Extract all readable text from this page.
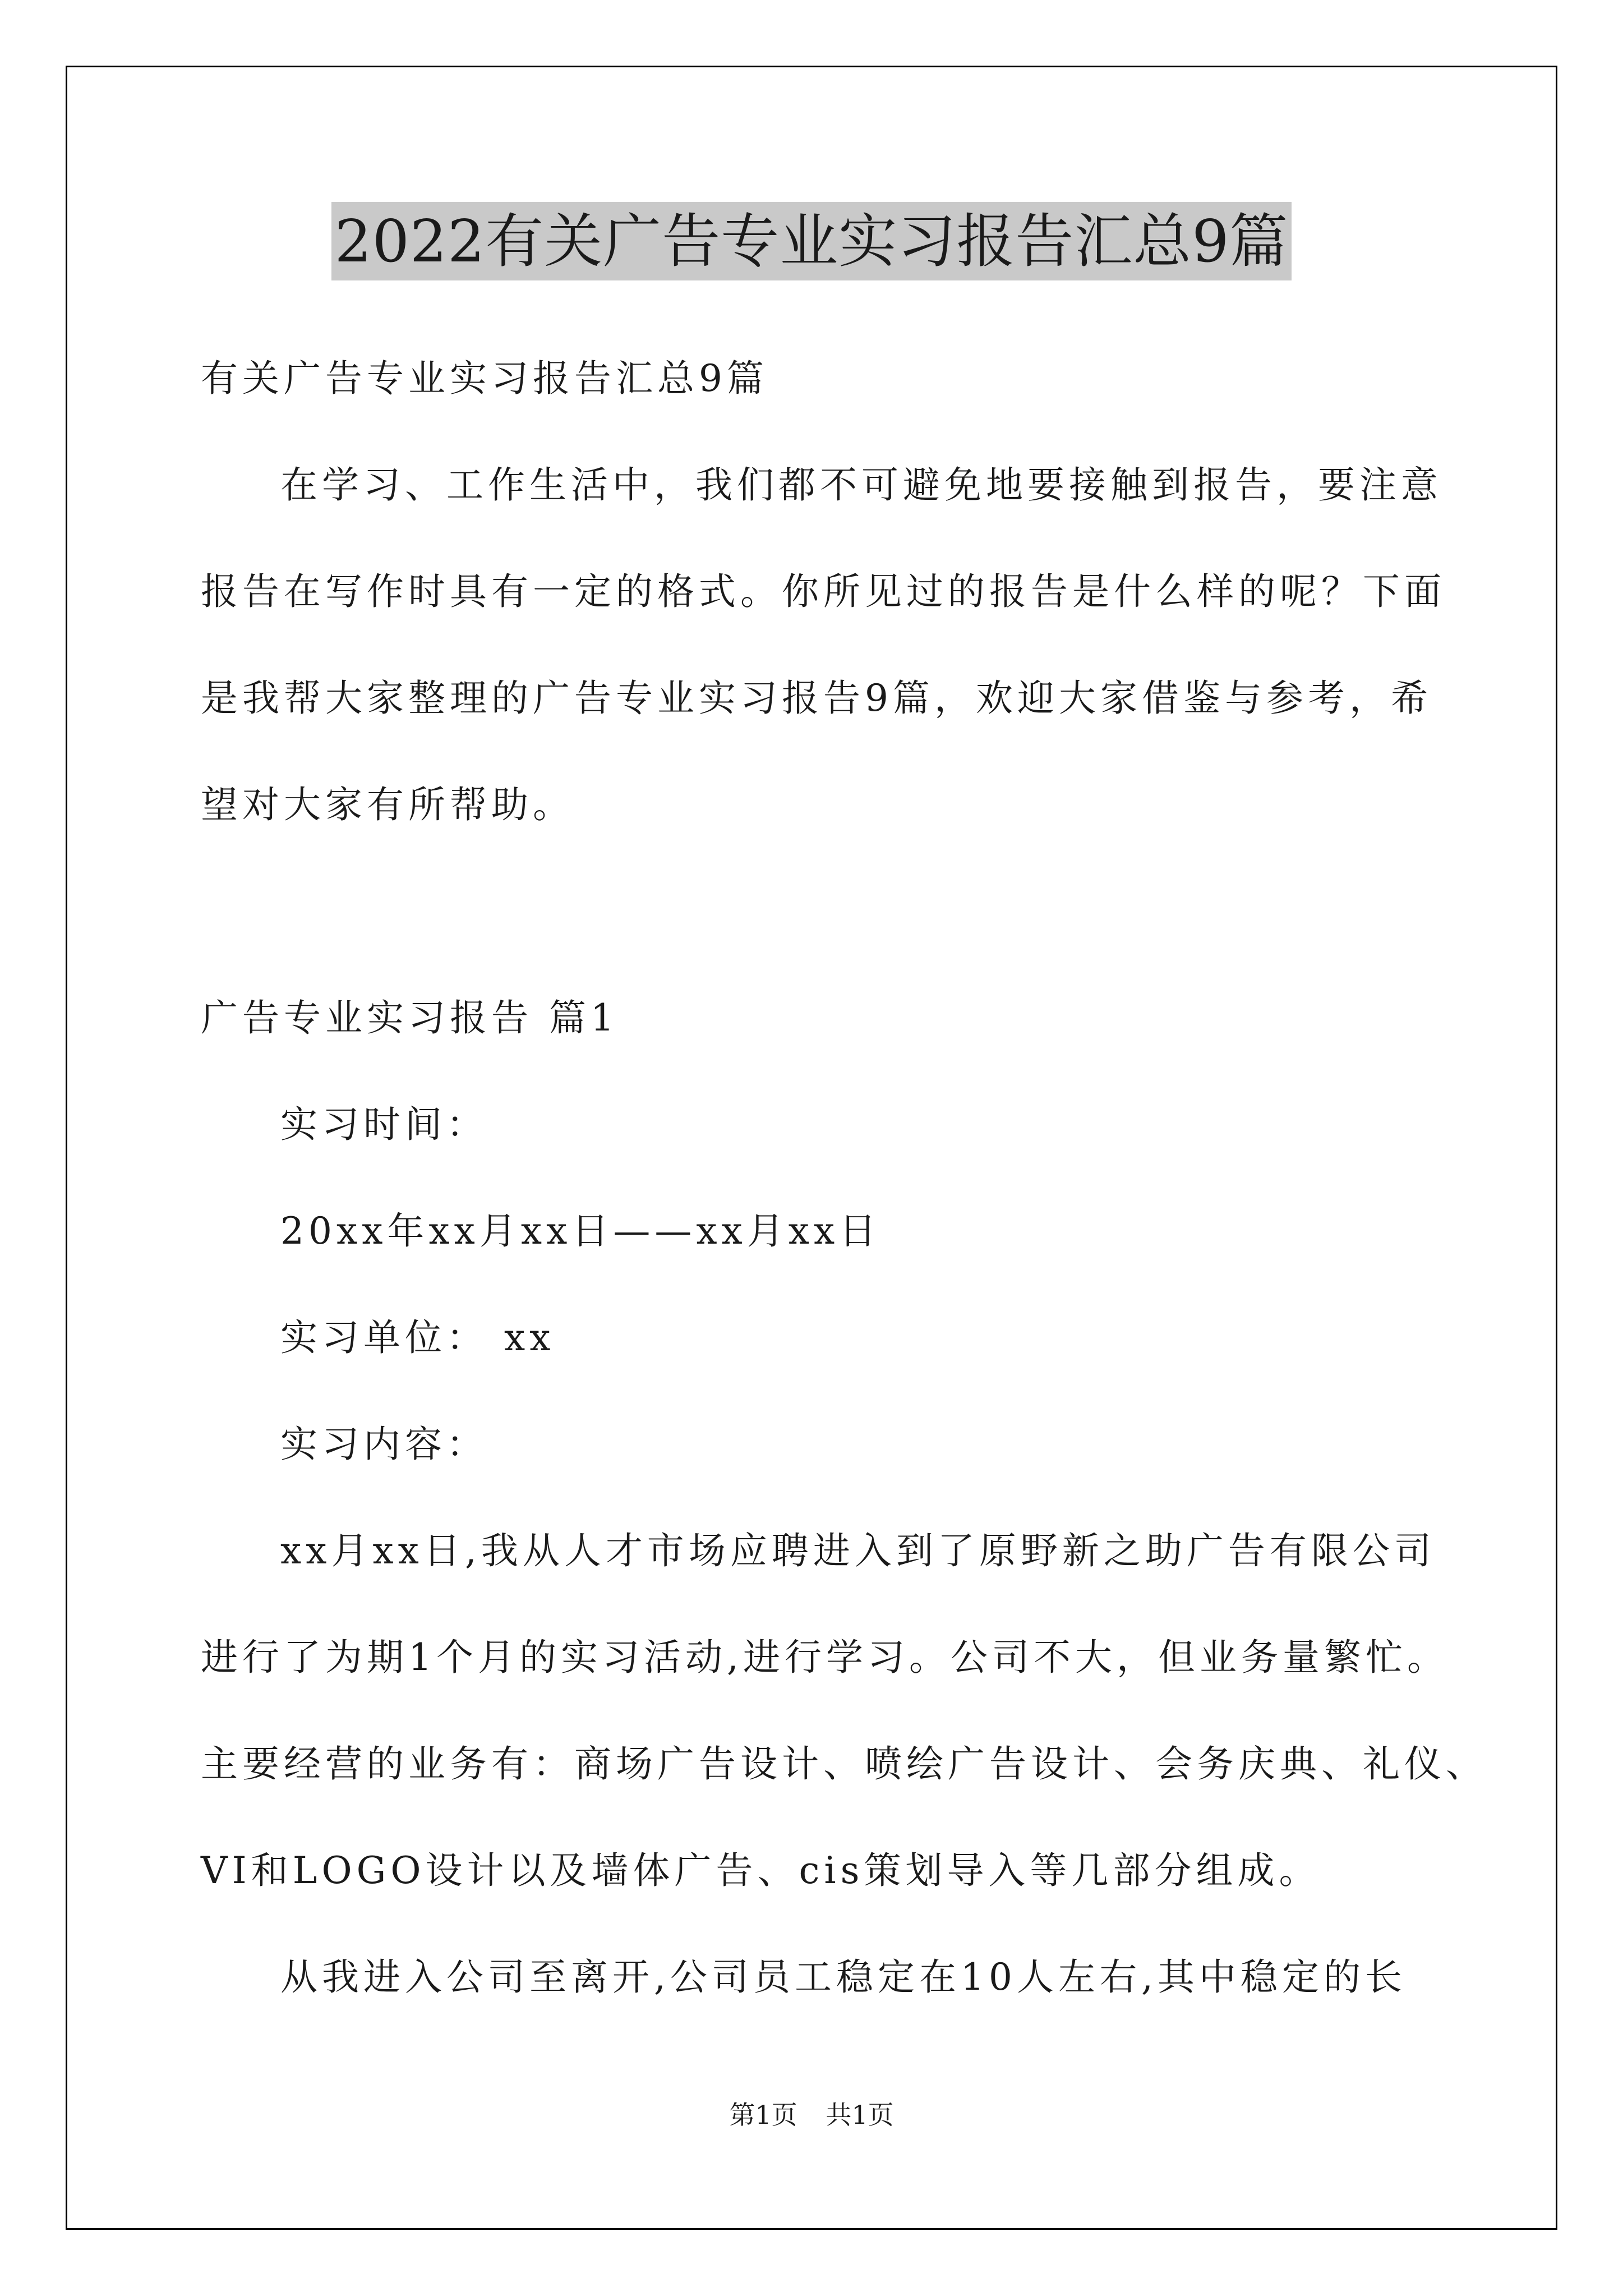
2022有关广告专业实习报告汇总9篇
有关广告专业实习报告汇总9篇
在学习、工作生活中，我们都不可避免地要接触到报告，要注意
报告在写作时具有一定的格式。你所见过的报告是什么样的呢？下面
是我帮大家整理的广告专业实习报告9篇，欢迎大家借鉴与参考，希
望对大家有所帮助。
广告专业实习报告 篇1
实习时间：
20xx年xx月xx日——xx月xx日
实习单位： xx
实习内容：
xx月xx日,我从人才市场应聘进入到了原野新之助广告有限公司
进行了为期1个月的实习活动,进行学习。公司不大，但业务量繁忙。
主要经营的业务有：商场广告设计、喷绘广告设计、会务庆典、礼仪、
VI和LOGO设计以及墙体广告、cis策划导入等几部分组成。
从我进入公司至离开,公司员工稳定在10人左右,其中稳定的长
第1页 共1页
